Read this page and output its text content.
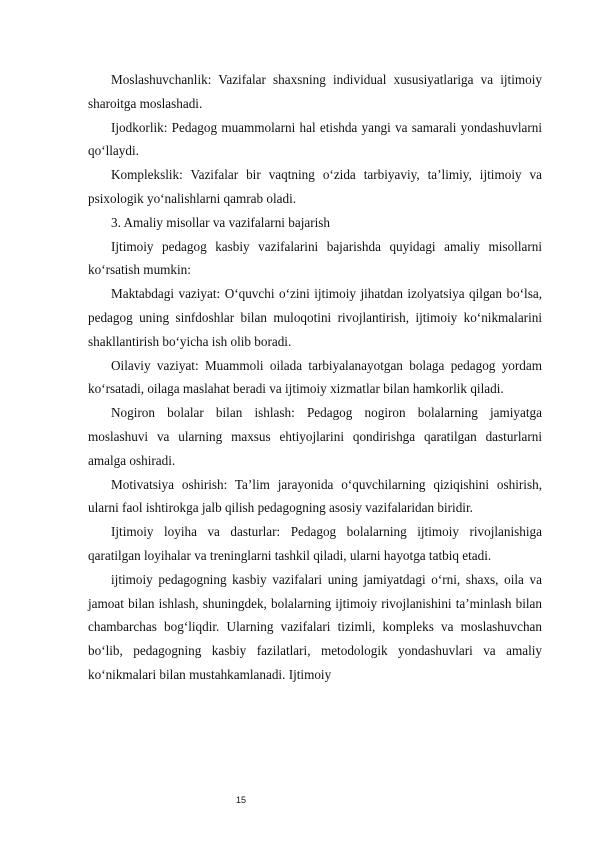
Moslashuvchanlik: Vazifalar shaxsning individual xususiyatlariga va ijtimoiy sharoitga moslashadi.

Ijodkorlik: Pedagog muammolarni hal etishda yangi va samarali yondashuvlarni qo‘llaydi.

Komplekslik: Vazifalar bir vaqtning o‘zida tarbiyaviy, ta’limiy, ijtimoiy va psixologik yo‘nalishlarni qamrab oladi.

3. Amaliy misollar va vazifalarni bajarish

Ijtimoiy pedagog kasbiy vazifalarini bajarishda quyidagi amaliy misollarni ko‘rsatish mumkin:

Maktabdagi vaziyat: O‘quvchi o‘zini ijtimoiy jihatdan izolyatsiya qilgan bo‘lsa, pedagog uning sinfdoshlar bilan muloqotini rivojlantirish, ijtimoiy ko‘nikmalarini shakllantirish bo‘yicha ish olib boradi.

Oilaviy vaziyat: Muammoli oilada tarbiyalanayotgan bolaga pedagog yordam ko‘rsatadi, oilaga maslahat beradi va ijtimoiy xizmatlar bilan hamkorlik qiladi.

Nogiron bolalar bilan ishlash: Pedagog nogiron bolalarning jamiyatga moslashuvi va ularning maxsus ehtiyojlarini qondirishga qaratilgan dasturlarni amalga oshiradi.

Motivatsiya oshirish: Ta’lim jarayonida o‘quvchilarning qiziqishini oshirish, ularni faol ishtirokga jalb qilish pedagogning asosiy vazifalaridan biridir.

Ijtimoiy loyiha va dasturlar: Pedagog bolalarning ijtimoiy rivojlanishiga qaratilgan loyihalar va treninglarni tashkil qiladi, ularni hayotga tatbiq etadi.

ijtimoiy pedagogning kasbiy vazifalari uning jamiyatdagi o‘rni, shaxs, oila va jamoat bilan ishlash, shuningdek, bolalarning ijtimoiy rivojlanishini ta’minlash bilan chambarchas bog‘liqdir. Ularning vazifalari tizimli, kompleks va moslashuvchan bo‘lib, pedagogning kasbiy fazilatlari, metodologik yondashuvlari va amaliy ko‘nikmalari bilan mustahkamlanadi. Ijtimoiy

15
